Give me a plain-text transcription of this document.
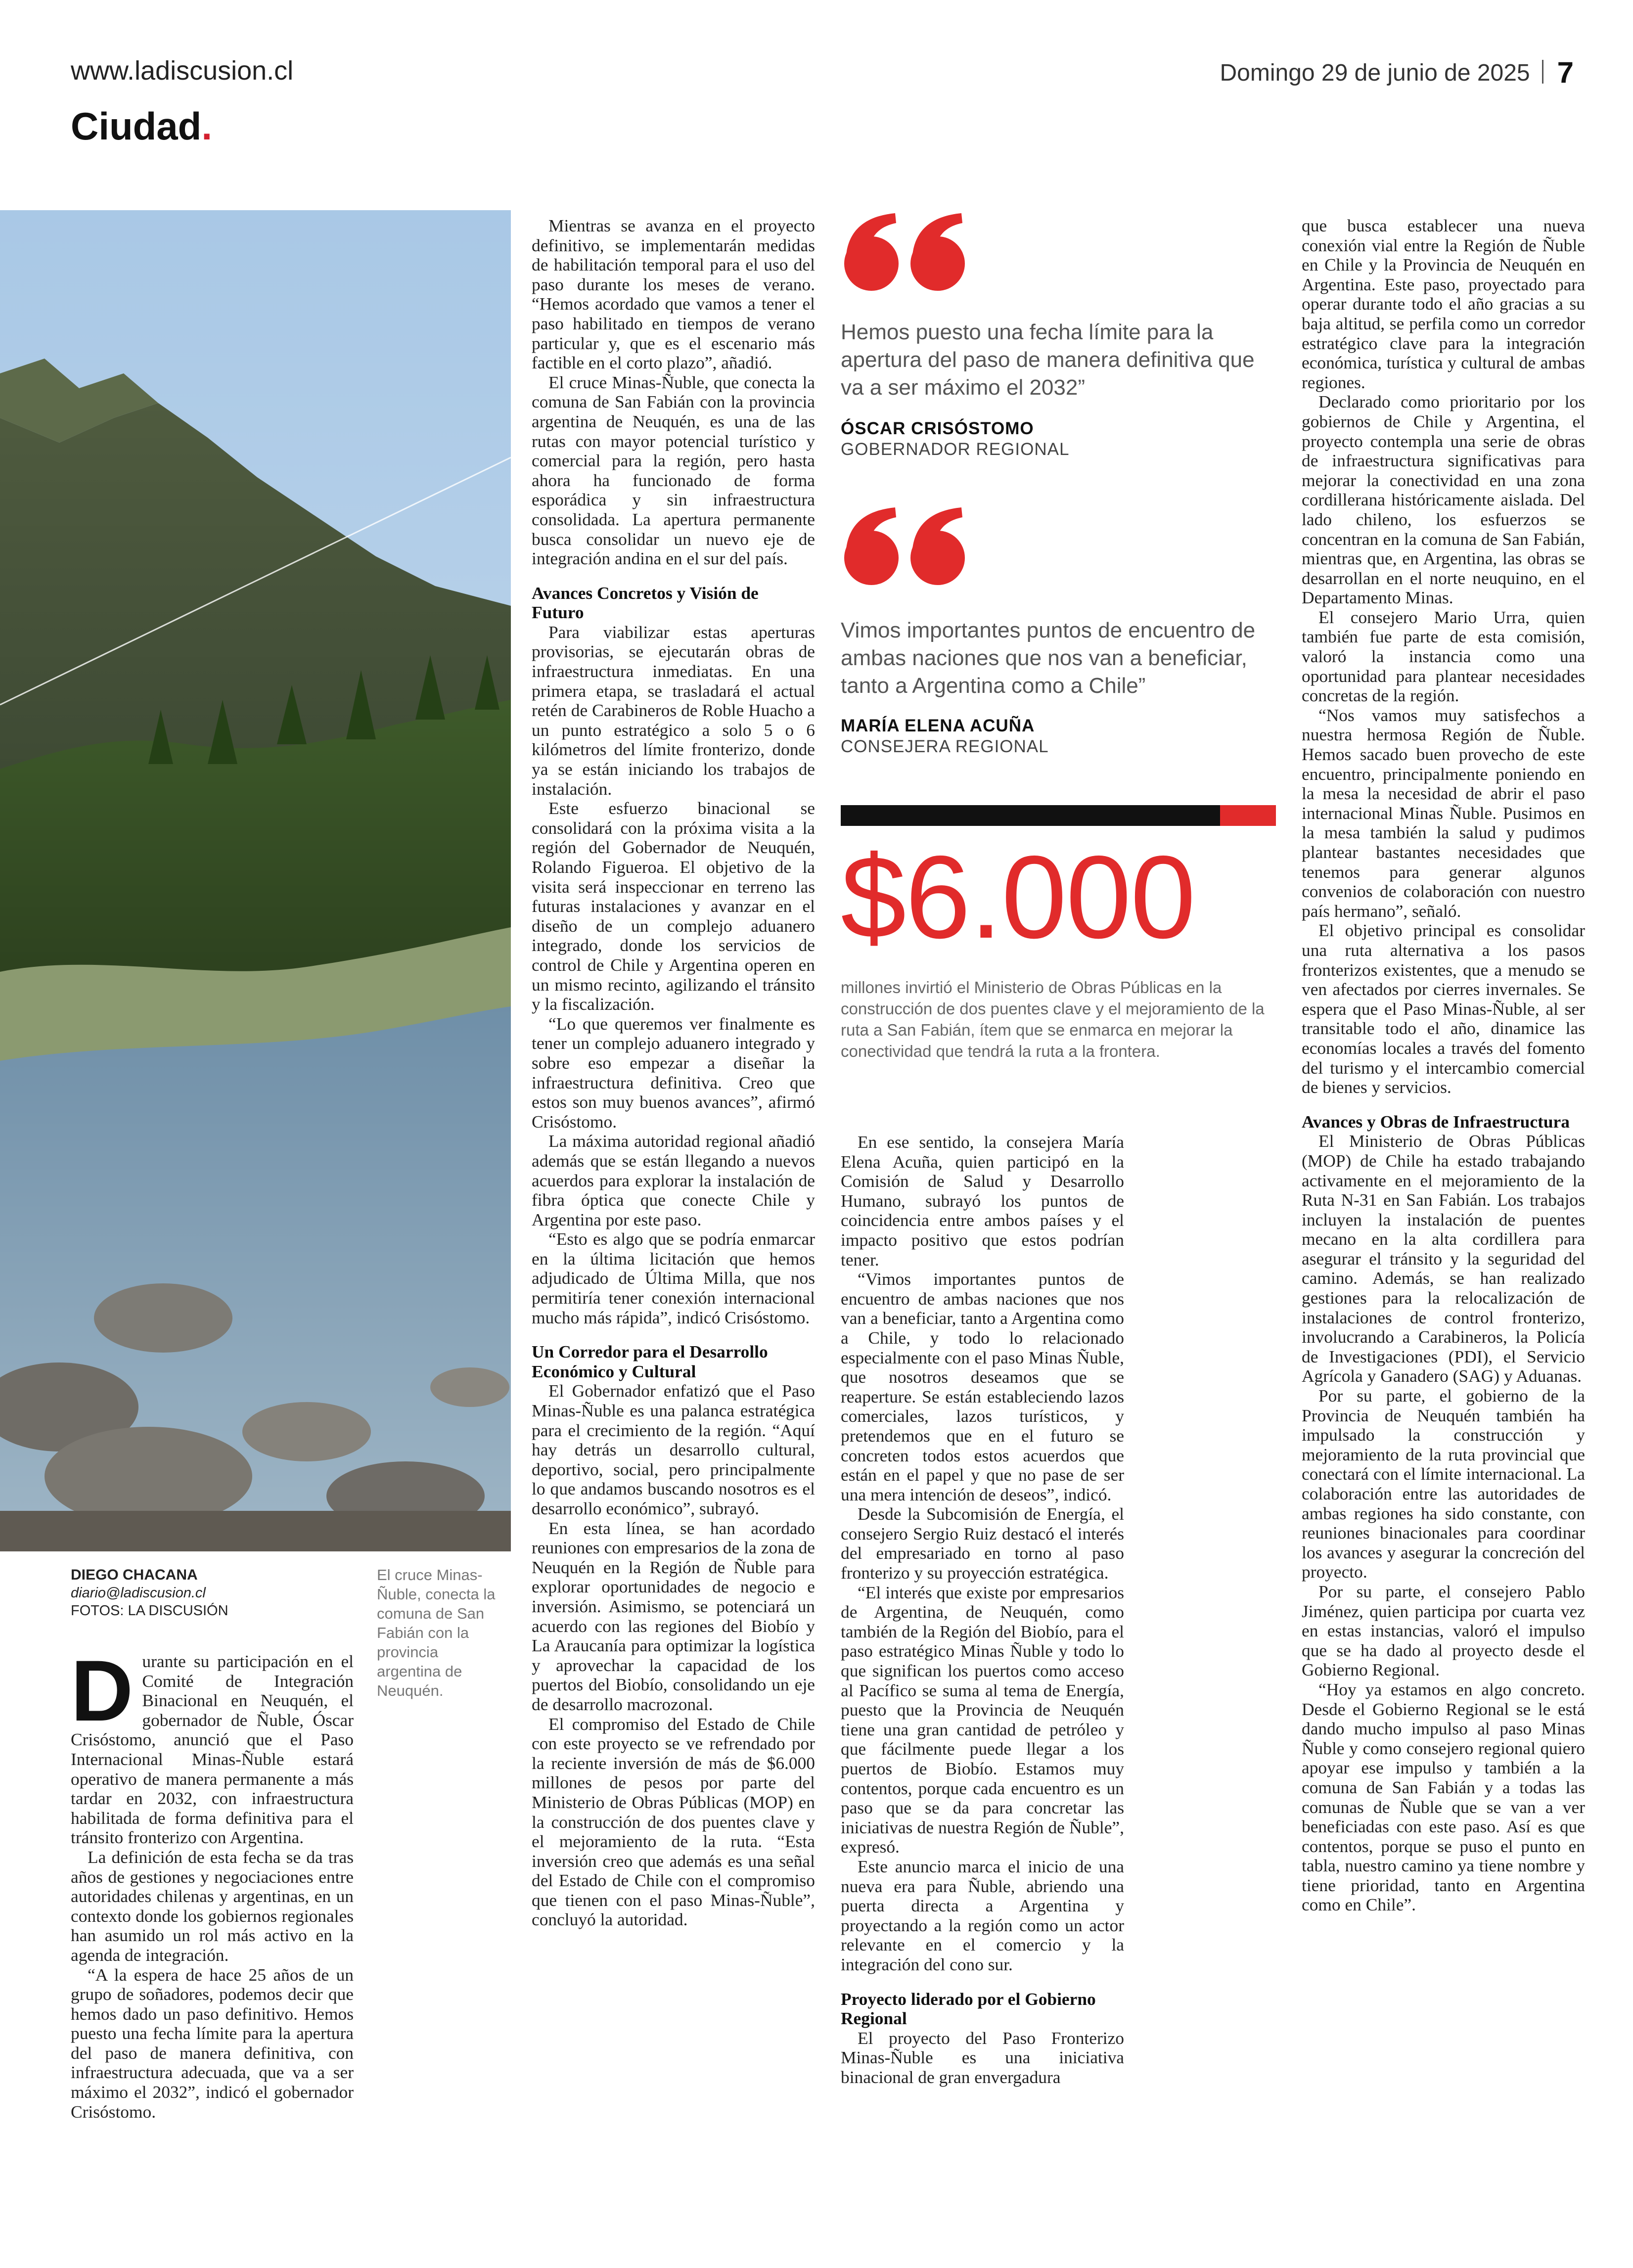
www.ladiscusion.cl	Domingo 29 de junio de 2025 7
Ciudad.
DIEGO CHACANA
diario@ladiscusion.cl
FOTOS: LA DISCUSIÓN
El cruce Minas-Ñuble, conecta la comuna de San Fabián con la provincia argentina de Neuquén.

Durante su participación en el Comité de Integración Binacional en Neuquén, el gobernador de Ñuble, Óscar Crisóstomo, anunció que el Paso Internacional Minas-Ñuble estará operativo de manera permanente a más tardar en 2032, con infraestructura habilitada de forma definitiva para el tránsito fronterizo con Argentina.

La definición de esta fecha se da tras años de gestiones y negociaciones entre autoridades chilenas y argentinas, en un contexto donde los gobiernos regionales han asumido un rol más activo en la agenda de integración.

“A la espera de hace 25 años de un grupo de soñadores, podemos decir que hemos dado un paso definitivo. Hemos puesto una fecha límite para la apertura del paso de manera definitiva, con infraestructura adecuada, que va a ser máximo el 2032”, indicó el gobernador Crisóstomo.

Mientras se avanza en el proyecto definitivo, se implementarán medidas de habilitación temporal para el uso del paso durante los meses de verano. “Hemos acordado que vamos a tener el paso habilitado en tiempos de verano particular y, que es el escenario más factible en el corto plazo”, añadió.

El cruce Minas-Ñuble, que conecta la comuna de San Fabián con la provincia argentina de Neuquén, es una de las rutas con mayor potencial turístico y comercial para la región, pero hasta ahora ha funcionado de forma esporádica y sin infraestructura consolidada. La apertura permanente busca consolidar un nuevo eje de integración andina en el sur del país.

Avances Concretos y Visión de Futuro

Para viabilizar estas aperturas provisorias, se ejecutarán obras de infraestructura inmediatas. En una primera etapa, se trasladará el actual retén de Carabineros de Roble Huacho a un punto estratégico a solo 5 o 6 kilómetros del límite fronterizo, donde ya se están iniciando los trabajos de instalación.

Este esfuerzo binacional se consolidará con la próxima visita a la región del Gobernador de Neuquén, Rolando Figueroa. El objetivo de la visita será inspeccionar en terreno las futuras instalaciones y avanzar en el diseño de un complejo aduanero integrado, donde los servicios de control de Chile y Argentina operen en un mismo recinto, agilizando el tránsito y la fiscalización.

“Lo que queremos ver finalmente es tener un complejo aduanero integrado y sobre eso empezar a diseñar la infraestructura definitiva. Creo que estos son muy buenos avances”, afirmó Crisóstomo.

La máxima autoridad regional añadió además que se están llegando a nuevos acuerdos para explorar la instalación de fibra óptica que conecte Chile y Argentina por este paso.

“Esto es algo que se podría enmarcar en la última licitación que hemos adjudicado de Última Milla, que nos permitiría tener conexión internacional mucho más rápida”, indicó Crisóstomo.

Un Corredor para el Desarrollo Económico y Cultural

El Gobernador enfatizó que el Paso Minas-Ñuble es una palanca estratégica para el crecimiento de la región. “Aquí hay detrás un desarrollo cultural, deportivo, social, pero principalmente lo que andamos buscando nosotros es el desarrollo económico”, subrayó.

En esta línea, se han acordado reuniones con empresarios de la zona de Neuquén en la Región de Ñuble para explorar oportunidades de negocio e inversión. Asimismo, se potenciará un acuerdo con las regiones del Biobío y La Araucanía para optimizar la logística y aprovechar la capacidad de los puertos del Biobío, consolidando un eje de desarrollo macrozonal.

El compromiso del Estado de Chile con este proyecto se ve refrendado por la reciente inversión de más de $6.000 millones de pesos por parte del Ministerio de Obras Públicas (MOP) en la construcción de dos puentes clave y el mejoramiento de la ruta. “Esta inversión creo que además es una señal del Estado de Chile con el compromiso que tienen con el paso Minas-Ñuble”, concluyó la autoridad.

Hemos puesto una fecha límite para la apertura del paso de manera definitiva que va a ser máximo el 2032”
ÓSCAR CRISÓSTOMO
GOBERNADOR REGIONAL
Vimos importantes puntos de encuentro de ambas naciones que nos van a beneficiar, tanto a Argentina como a Chile”
MARÍA ELENA ACUÑA
CONSEJERA REGIONAL
$6.000
millones invirtió el Ministerio de Obras Públicas en la construcción de dos puentes clave y el mejoramiento de la ruta a San Fabián, ítem que se enmarca en mejorar la conectividad que tendrá la ruta a la frontera.

En ese sentido, la consejera María Elena Acuña, quien participó en la Comisión de Salud y Desarrollo Humano, subrayó los puntos de coincidencia entre ambos países y el impacto positivo que estos podrían tener.

“Vimos importantes puntos de encuentro de ambas naciones que nos van a beneficiar, tanto a Argentina como a Chile, y todo lo relacionado especialmente con el paso Minas Ñuble, que nosotros deseamos que se reaperture. Se están estableciendo lazos comerciales, lazos turísticos, y pretendemos que en el futuro se concreten todos estos acuerdos que están en el papel y que no pase de ser una mera intención de deseos”, indicó.

Desde la Subcomisión de Energía, el consejero Sergio Ruiz destacó el interés del empresariado en torno al paso fronterizo y su proyección estratégica.

“El interés que existe por empresarios de Argentina, de Neuquén, como también de la Región del Biobío, para el paso estratégico Minas Ñuble y todo lo que significan los puertos como acceso al Pacífico se suma al tema de Energía, puesto que la Provincia de Neuquén tiene una gran cantidad de petróleo y que fácilmente puede llegar a los puertos de Biobío. Estamos muy contentos, porque cada encuentro es un paso que se da para concretar las iniciativas de nuestra Región de Ñuble”, expresó.

Este anuncio marca el inicio de una nueva era para Ñuble, abriendo una puerta directa a Argentina y proyectando a la región como un actor relevante en el comercio y la integración del cono sur.

Proyecto liderado por el Gobierno Regional

El proyecto del Paso Fronterizo Minas-Ñuble es una iniciativa binacional de gran envergadura

que busca establecer una nueva conexión vial entre la Región de Ñuble en Chile y la Provincia de Neuquén en Argentina. Este paso, proyectado para operar durante todo el año gracias a su baja altitud, se perfila como un corredor estratégico clave para la integración económica, turística y cultural de ambas regiones.

Declarado como prioritario por los gobiernos de Chile y Argentina, el proyecto contempla una serie de obras de infraestructura significativas para mejorar la conectividad en una zona cordillerana históricamente aislada. Del lado chileno, los esfuerzos se concentran en la comuna de San Fabián, mientras que, en Argentina, las obras se desarrollan en el norte neuquino, en el Departamento Minas.

El consejero Mario Urra, quien también fue parte de esta comisión, valoró la instancia como una oportunidad para plantear necesidades concretas de la región.

“Nos vamos muy satisfechos a nuestra hermosa Región de Ñuble. Hemos sacado buen provecho de este encuentro, principalmente poniendo en la mesa la necesidad de abrir el paso internacional Minas Ñuble. Pusimos en la mesa también la salud y pudimos plantear bastantes necesidades que tenemos para generar algunos convenios de colaboración con nuestro país hermano”, señaló.

El objetivo principal es consolidar una ruta alternativa a los pasos fronterizos existentes, que a menudo se ven afectados por cierres invernales. Se espera que el Paso Minas-Ñuble, al ser transitable todo el año, dinamice las economías locales a través del fomento del turismo y el intercambio comercial de bienes y servicios.

Avances y Obras de Infraestructura

El Ministerio de Obras Públicas (MOP) de Chile ha estado trabajando activamente en el mejoramiento de la Ruta N-31 en San Fabián. Los trabajos incluyen la instalación de puentes mecano en la alta cordillera para asegurar el tránsito y la seguridad del camino. Además, se han realizado gestiones para la relocalización de instalaciones de control fronterizo, involucrando a Carabineros, la Policía de Investigaciones (PDI), el Servicio Agrícola y Ganadero (SAG) y Aduanas.

Por su parte, el gobierno de la Provincia de Neuquén también ha impulsado la construcción y mejoramiento de la ruta provincial que conectará con el límite internacional. La colaboración entre las autoridades de ambas regiones ha sido constante, con reuniones binacionales para coordinar los avances y asegurar la concreción del proyecto.

Por su parte, el consejero Pablo Jiménez, quien participa por cuarta vez en estas instancias, valoró el impulso que se ha dado al proyecto desde el Gobierno Regional.

“Hoy ya estamos en algo concreto. Desde el Gobierno Regional se le está dando mucho impulso al paso Minas Ñuble y como consejero regional quiero apoyar ese impulso y también a la comuna de San Fabián y a todas las comunas de Ñuble que se van a ver beneficiadas con este paso. Así es que contentos, porque se puso el punto en tabla, nuestro camino ya tiene nombre y tiene prioridad, tanto en Argentina como en Chile”.
